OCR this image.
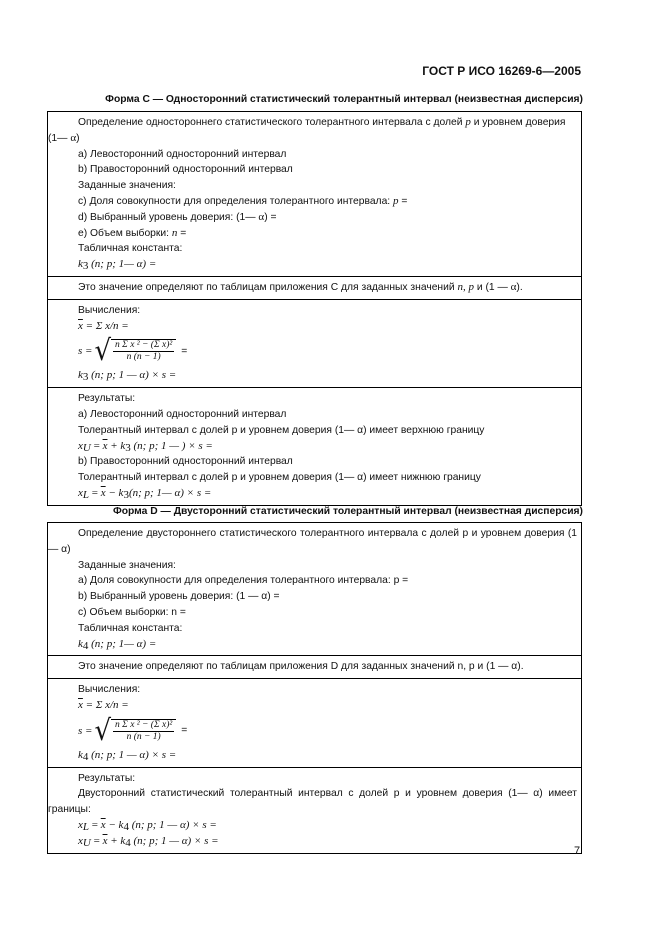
ГОСТ Р ИСО 16269-6—2005
Форма С — Односторонний статистический толерантный интервал (неизвестная дисперсия)
Определение одностороннего статистического толерантного интервала с долей p и уровнем доверия (1— α)
а) Левосторонний односторонний интервал
b) Правосторонний односторонний интервал
Заданные значения:
c) Доля совокупности для определения толерантного интервала: p =
d) Выбранный уровень доверия: (1— α) =
e) Объем выборки: n =
Табличная константа:
$k_3$ (n; p; 1— α) =
Это значение определяют по таблицам приложения С для заданных значений n, p и (1 — α).
Вычисления:
$\overline{x} = \Sigma$ x/n =
s = √ $\frac{\text{n Σ x ² − (Σ x)²}}{n (n - 1)}$ =
$k_3$ (n; p; 1 — α) × s =
Результаты:
а) Левосторонний односторонний интервал
Толерантный интервал с долей p и уровнем доверия (1— α) имеет верхнюю границу
$x_U = \overline{x} + k_3$ (n; p; 1 — ) × s =
b) Правосторонний односторонний интервал
Толерантный интервал с долей p и уровнем доверия (1— α) имеет нижнюю границу
$x_L = \overline{x} - k_3(n$; p; 1— α) × s =
Форма D — Двусторонний статистический толерантный интервал (неизвестная дисперсия)
Определение двустороннего статистического толерантного интервала с долей p и уровнем доверия (1— α)
Заданные значения:
а) Доля совокупности для определения толерантного интервала: p =
b) Выбранный уровень доверия: (1 — α) =
c) Объем выборки: n =
Табличная константа:
$k_4$ (n; p; 1— α) =
Это значение определяют по таблицам приложения D для заданных значений n, p и (1 — α).
Вычисления:
$\overline{x} = \Sigma$ x/n =
s = √ $\frac{\text{n Σ x ² − (Σ x)²}}{n (n - 1)}$ =
$k_4$ (n; p; 1 — α) × s =
Результаты:
Двусторонний статистический толерантный интервал с долей p и уровнем доверия (1— α) имеет границы:
$x_L = \overline{x} - k_4$ (n; p; 1 — α) × s =
$x_U = \overline{x} + k_4$ (n; p; 1 — α) × s =
7
